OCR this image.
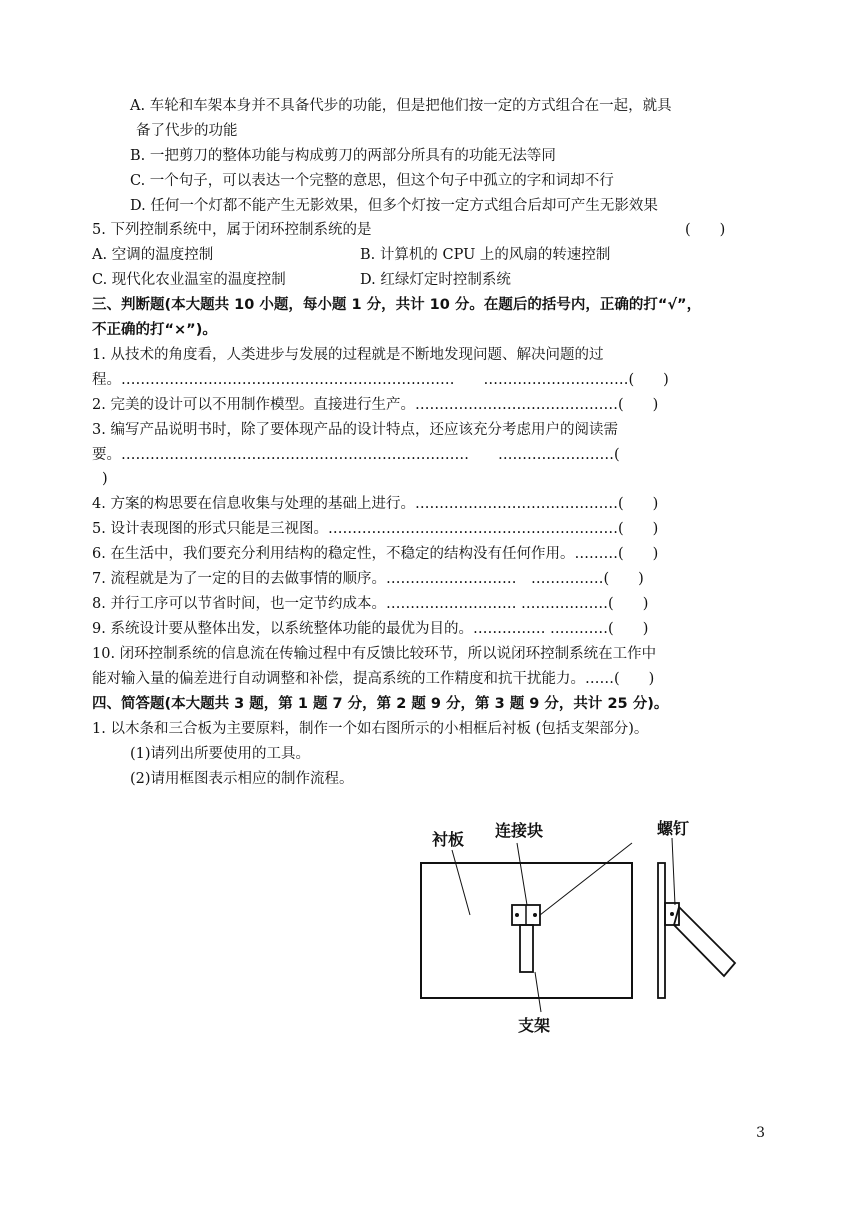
A. 车轮和车架本身并不具备代步的功能，但是把他们按一定的方式组合在一起，就具
备了代步的功能
B. 一把剪刀的整体功能与构成剪刀的两部分所具有的功能无法等同
C. 一个句子，可以表达一个完整的意思，但这个句子中孤立的字和词却不行
D. 任何一个灯都不能产生无影效果，但多个灯按一定方式组合后却可产生无影效果
5. 下列控制系统中，属于闭环控制系统的是	(　　)
A. 空调的温度控制	B. 计算机的 CPU 上的风扇的转速控制
C. 现代化农业温室的温度控制	D. 红绿灯定时控制系统
三、判断题(本大题共 10 小题，每小题 1 分，共计 10 分。在题后的括号内，正确的打“√”，
不正确的打“×”)。
1. 从技术的角度看，人类进步与发展的过程就是不断地发现问题、解决问题的过
程。……………………………………………………………　　…………………………(　　)
2. 完美的设计可以不用制作模型。直接进行生产。……………………………………(　　)
3. 编写产品说明书时，除了要体现产品的设计特点，还应该充分考虑用户的阅读需
要。………………………………………………………………　　……………………(
)
4. 方案的构思要在信息收集与处理的基础上进行。……………………………………(　　)
5. 设计表现图的形式只能是三视图。……………………………………………………(　　)
6. 在生活中，我们要充分利用结构的稳定性，不稳定的结构没有任何作用。………(　　)
7. 流程就是为了一定的目的去做事情的顺序。………………………　……………(　　)
8. 并行工序可以节省时间，也一定节约成本。……………………… ………………(　　)
9. 系统设计要从整体出发，以系统整体功能的最优为目的。…………… …………(　　)
10. 闭环控制系统的信息流在传输过程中有反馈比较环节，所以说闭环控制系统在工作中
能对输入量的偏差进行自动调整和补偿，提高系统的工作精度和抗干扰能力。……(　　)
四、简答题(本大题共 3 题，第 1 题 7 分，第 2 题 9 分，第 3 题 9 分，共计 25 分)。
1. 以木条和三合板为主要原料，制作一个如右图所示的小相框后衬板 (包括支架部分)。
(1)请列出所要使用的工具。
(2)请用框图表示相应的制作流程。
衬板 连接块	螺钉
支架
3
